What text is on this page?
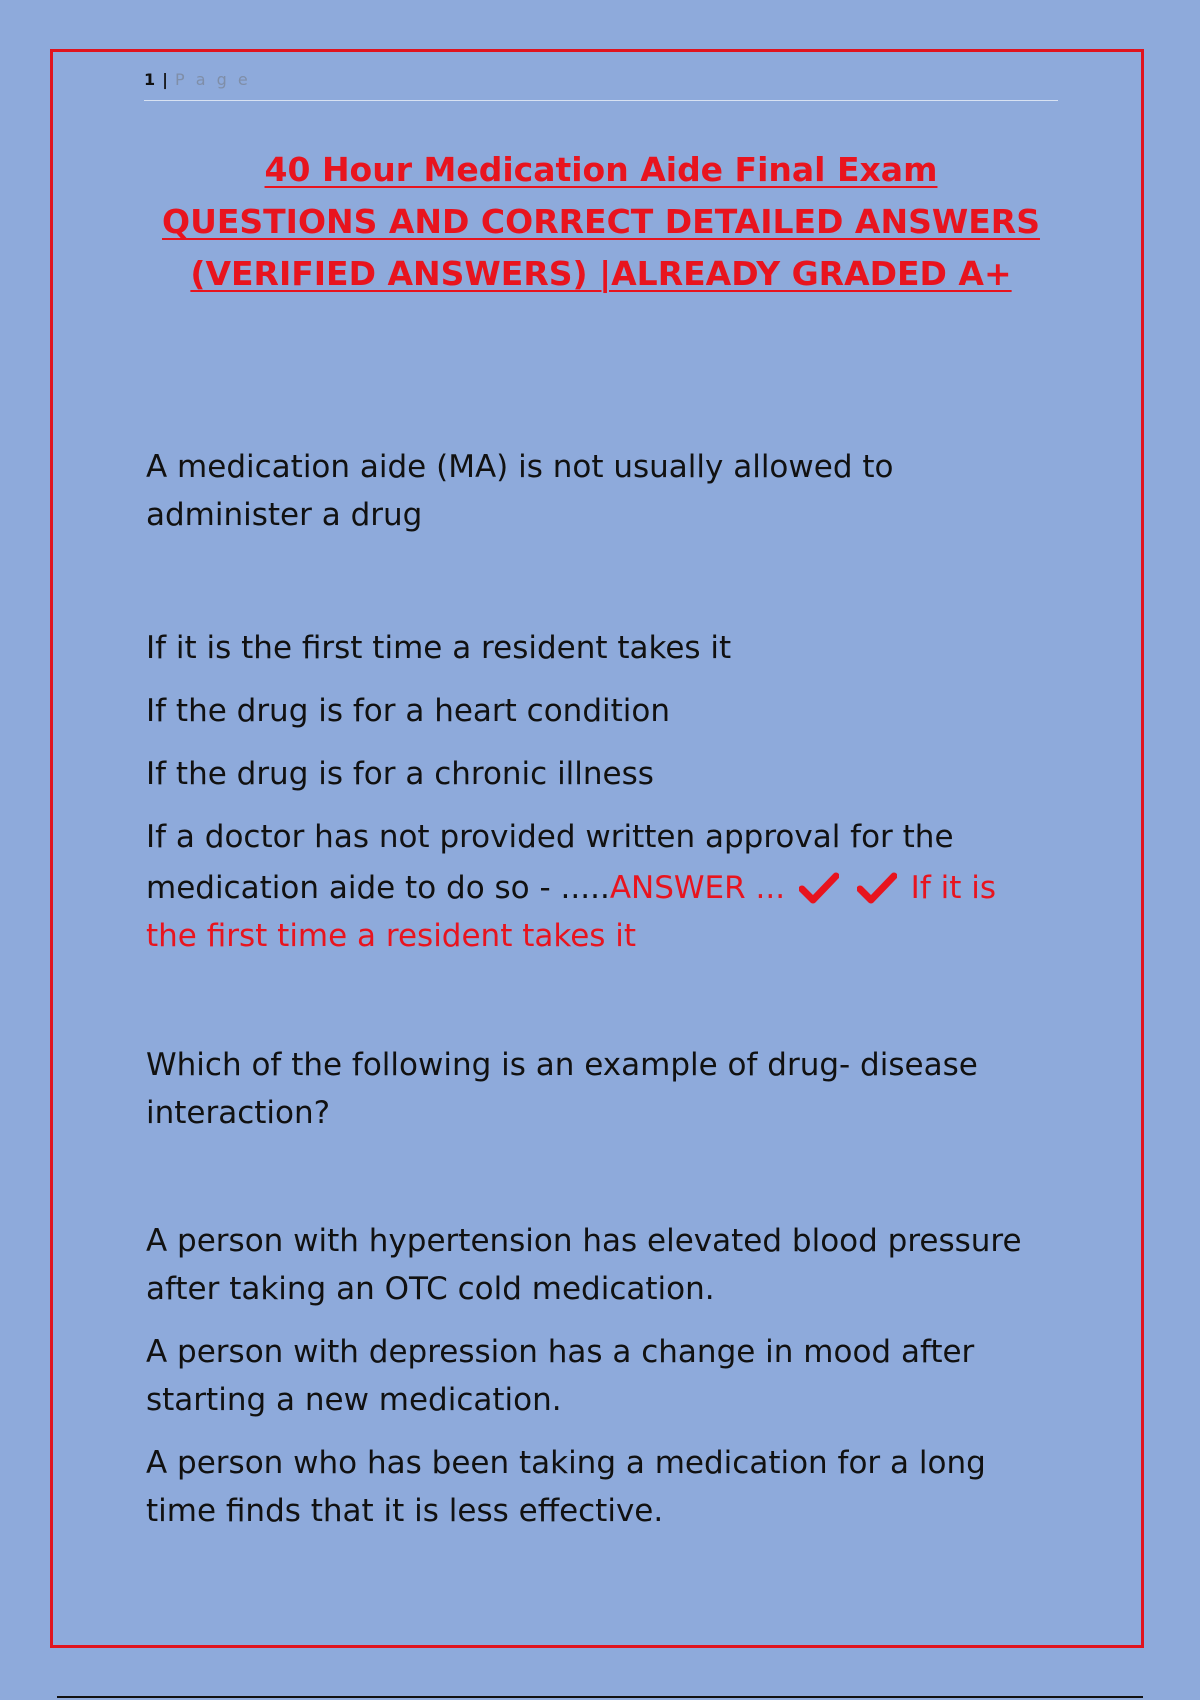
1 | P a g e
40 Hour Medication Aide Final Exam
QUESTIONS AND CORRECT DETAILED ANSWERS
(VERIFIED ANSWERS) |ALREADY GRADED A+
A medication aide (MA) is not usually allowed to
administer a drug
If it is the first time a resident takes it
If the drug is for a heart condition
If the drug is for a chronic illness
If a doctor has not provided written approval for the
medication aide to do so - .....ANSWER ...	If it is
the first time a resident takes it
Which of the following is an example of drug- disease
interaction?
A person with hypertension has elevated blood pressure
after taking an OTC cold medication.
A person with depression has a change in mood after
starting a new medication.
A person who has been taking a medication for a long
time finds that it is less effective.
